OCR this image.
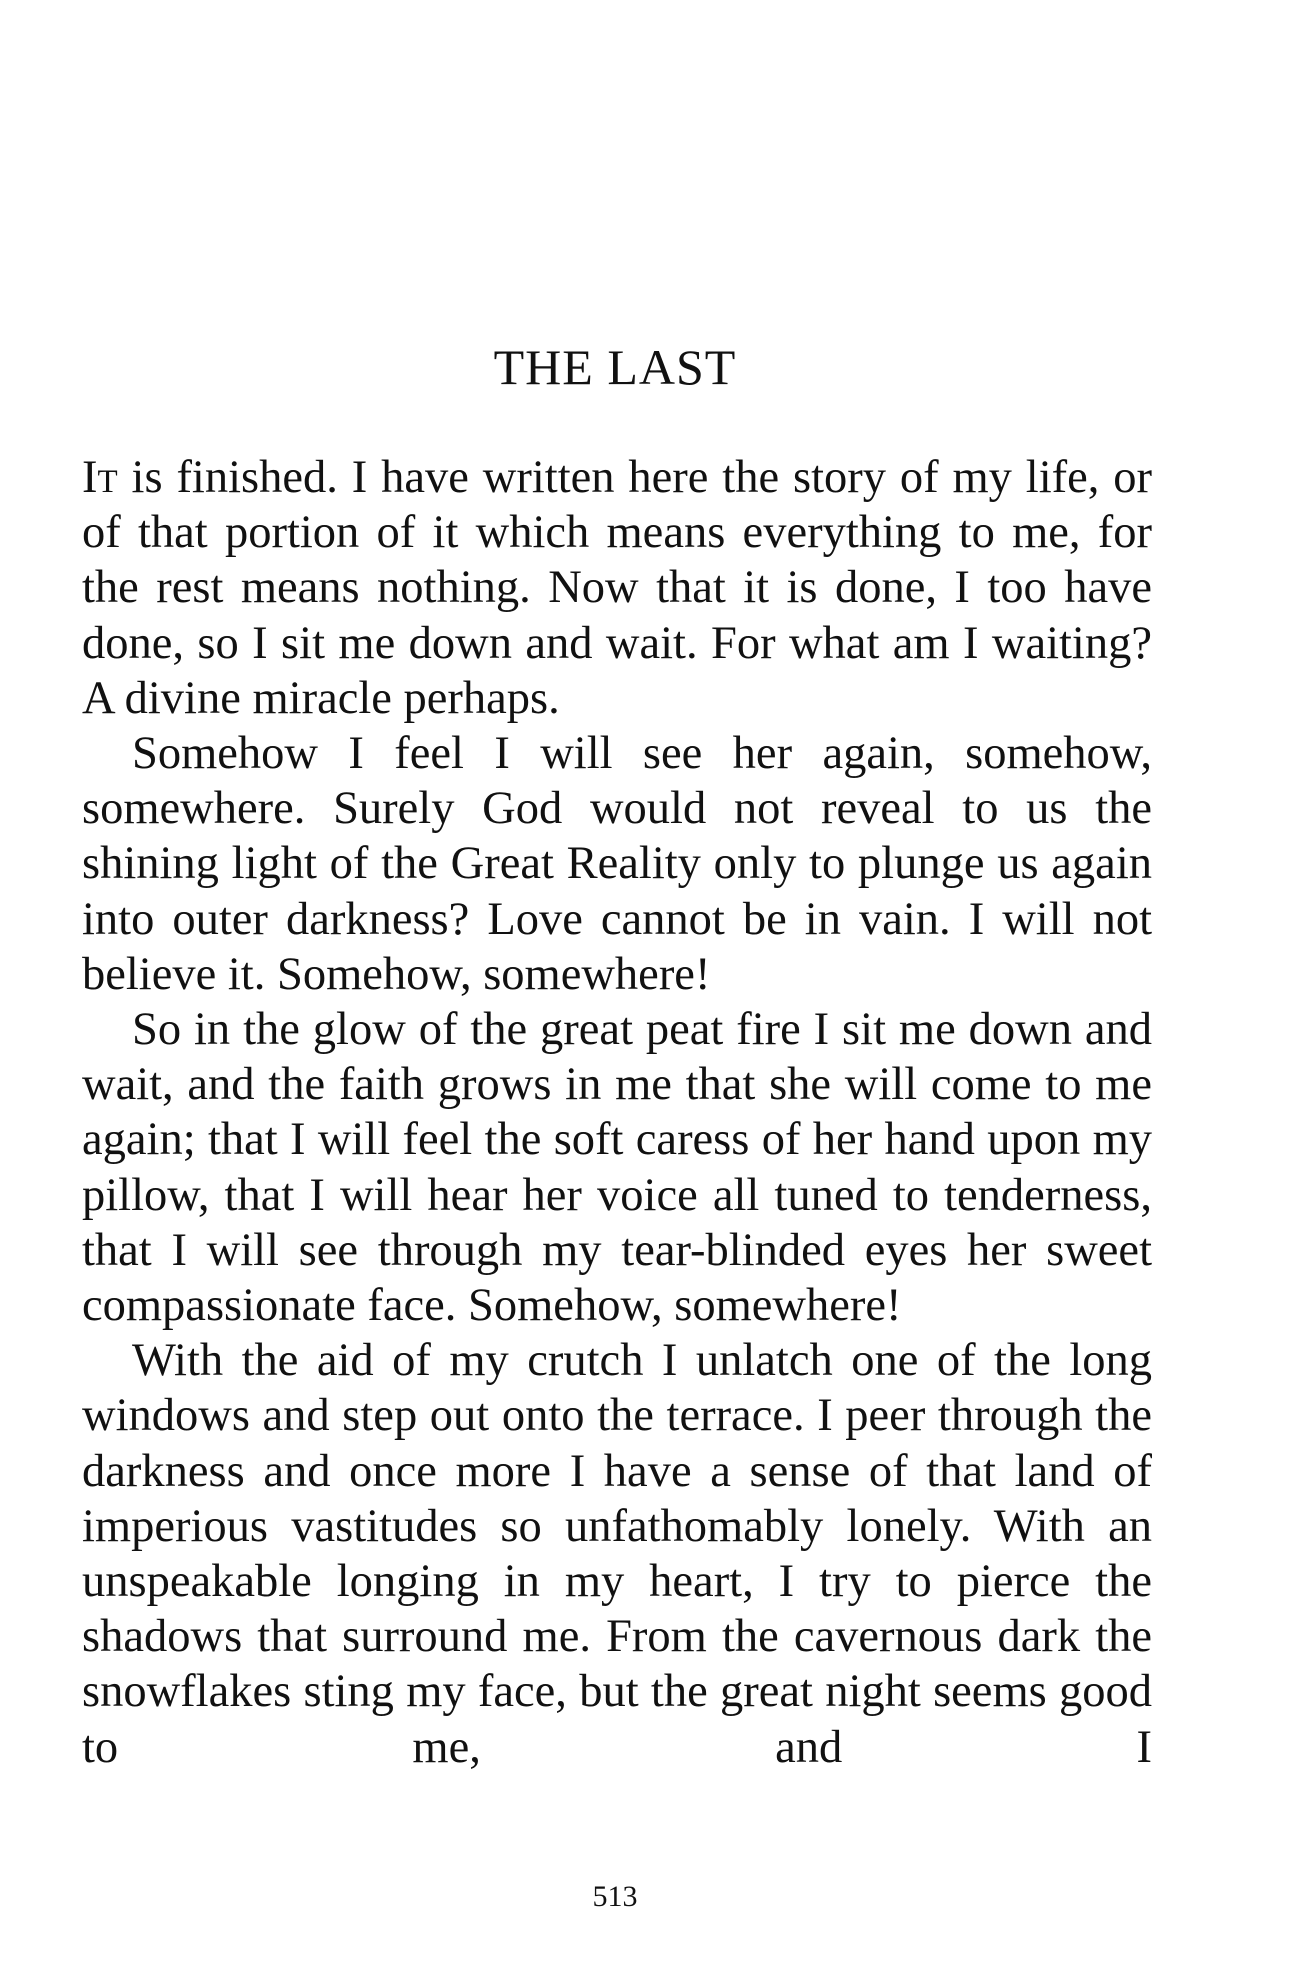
THE LAST

It is finished. I have written here the story of my life, or of that portion of it which means everything to me, for the rest means nothing. Now that it is done, I too have done, so I sit me down and wait. For what am I waiting? A divine miracle perhaps.

Somehow I feel I will see her again, somehow, somewhere. Surely God would not reveal to us the shining light of the Great Reality only to plunge us again into outer darkness? Love cannot be in vain. I will not believe it. Somehow, somewhere!

So in the glow of the great peat fire I sit me down and wait, and the faith grows in me that she will come to me again; that I will feel the soft caress of her hand upon my pillow, that I will hear her voice all tuned to tenderness, that I will see through my tear-blinded eyes her sweet compassionate face. Somehow, somewhere!

With the aid of my crutch I unlatch one of the long windows and step out onto the terrace. I peer through the darkness and once more I have a sense of that land of imperious vastitudes so unfathomably lonely. With an unspeakable longing in my heart, I try to pierce the shadows that surround me. From the cavernous dark the snowflakes sting my face, but the great night seems good to me, and I

513
